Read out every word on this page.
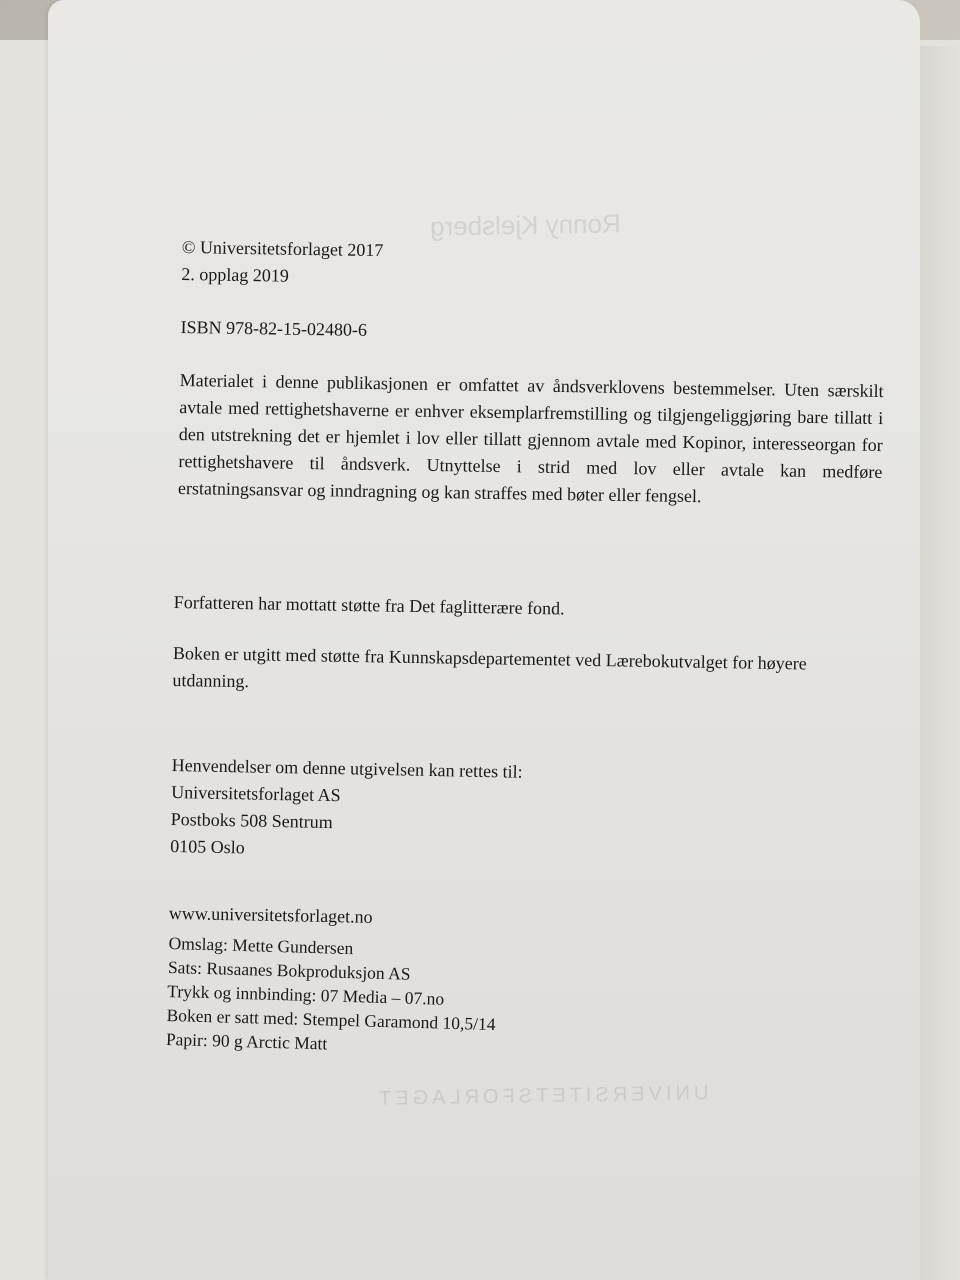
Ronny Kjelsberg
UNIVERSITETSFORLAGET
© Universitetsforlaget 2017
2. opplag 2019
ISBN 978-82-15-02480-6
Materialet i denne publikasjonen er omfattet av åndsverklovens bestemmelser. Uten særskilt avtale med rettighetshaverne er enhver eksemplarfremstilling og tilgjengeliggjøring bare tillatt i den utstrekning det er hjemlet i lov eller tillatt gjennom avtale med Kopinor, interesseorgan for rettighetshavere til åndsverk. Utnyttelse i strid med lov eller avtale kan medføre erstatningsansvar og inndragning og kan straffes med bøter eller fengsel.

Forfatteren har mottatt støtte fra Det faglitterære fond.

Boken er utgitt med støtte fra Kunnskapsdepartementet ved Lærebokutvalget for høyere utdanning.

Henvendelser om denne utgivelsen kan rettes til:
Universitetsforlaget AS
Postboks 508 Sentrum
0105 Oslo
www.universitetsforlaget.no
Omslag: Mette Gundersen
Sats: Rusaanes Bokproduksjon AS
Trykk og innbinding: 07 Media – 07.no
Boken er satt med: Stempel Garamond 10,5/14
Papir: 90 g Arctic Matt
